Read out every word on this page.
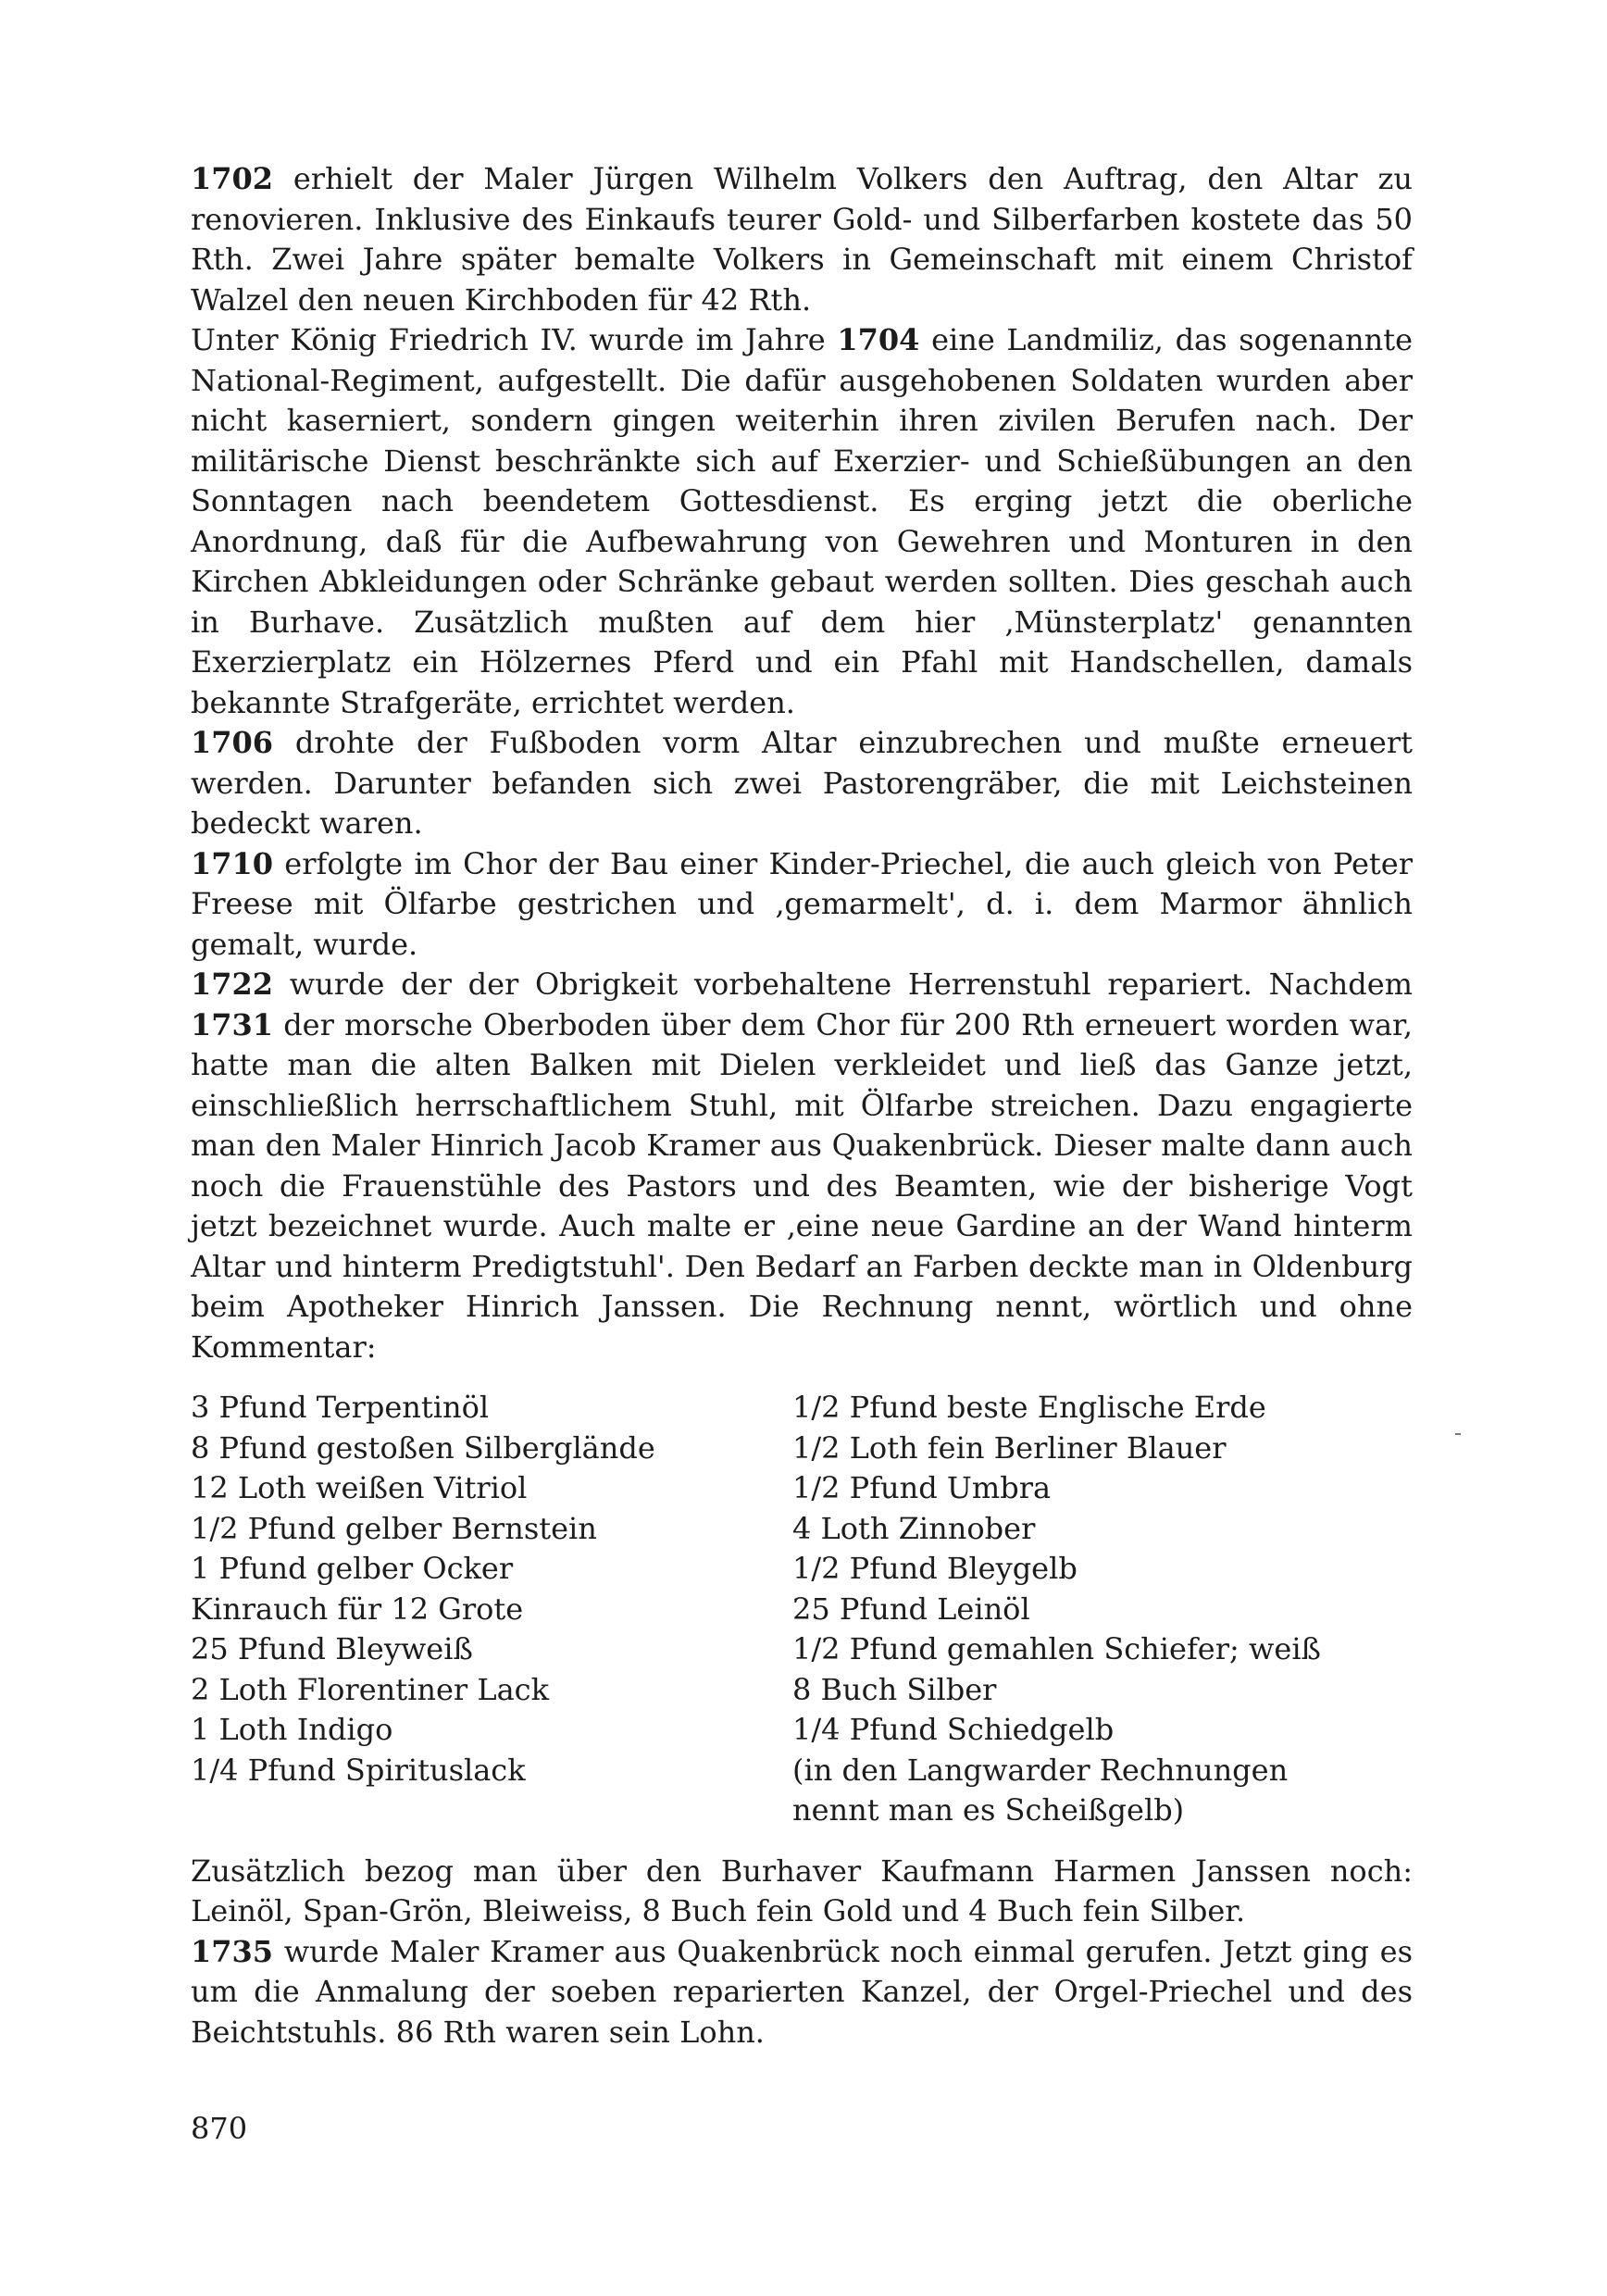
1702 erhielt der Maler Jürgen Wilhelm Volkers den Auftrag, den Altar zu renovieren. Inklusive des Einkaufs teurer Gold- und Silberfarben kostete das 50 Rth. Zwei Jahre später bemalte Volkers in Gemeinschaft mit einem Christof Walzel den neuen Kirchboden für 42 Rth.

Unter König Friedrich IV. wurde im Jahre 1704 eine Landmiliz, das sogenannte National-Regiment, aufgestellt. Die dafür ausgehobenen Soldaten wurden aber nicht kaserniert, sondern gingen weiterhin ihren zivilen Berufen nach. Der militärische Dienst beschränkte sich auf Exerzier- und Schießübungen an den Sonntagen nach beendetem Gottesdienst. Es erging jetzt die oberliche Anordnung, daß für die Aufbewahrung von Gewehren und Monturen in den Kirchen Abkleidungen oder Schränke gebaut werden sollten. Dies geschah auch in Burhave. Zusätzlich mußten auf dem hier ‚Münsterplatz' genannten Exerzierplatz ein Hölzernes Pferd und ein Pfahl mit Handschellen, damals bekannte Strafgeräte, errichtet werden.

1706 drohte der Fußboden vorm Altar einzubrechen und mußte erneuert werden. Darunter befanden sich zwei Pastorengräber, die mit Leichsteinen bedeckt waren.

1710 erfolgte im Chor der Bau einer Kinder-Priechel, die auch gleich von Peter Freese mit Ölfarbe gestrichen und ‚gemarmelt', d. i. dem Marmor ähnlich gemalt, wurde.

1722 wurde der der Obrigkeit vorbehaltene Herrenstuhl repariert. Nachdem 1731 der morsche Oberboden über dem Chor für 200 Rth erneuert worden war, hatte man die alten Balken mit Dielen verkleidet und ließ das Ganze jetzt, einschließlich herrschaftlichem Stuhl, mit Ölfarbe streichen. Dazu engagierte man den Maler Hinrich Jacob Kramer aus Quakenbrück. Dieser malte dann auch noch die Frauenstühle des Pastors und des Beamten, wie der bisherige Vogt jetzt bezeichnet wurde. Auch malte er ‚eine neue Gardine an der Wand hinterm Altar und hinterm Predigtstuhl'. Den Bedarf an Farben deckte man in Oldenburg beim Apotheker Hinrich Janssen. Die Rechnung nennt, wörtlich und ohne Kommentar:

3 Pfund Terpentinöl
8 Pfund gestoßen Silberglände
12 Loth weißen Vitriol
1/2 Pfund gelber Bernstein
1 Pfund gelber Ocker
Kinrauch für 12 Grote
25 Pfund Bleyweiß
2 Loth Florentiner Lack
1 Loth Indigo
1/4 Pfund Spirituslack
1/2 Pfund beste Englische Erde
1/2 Loth fein Berliner Blauer
1/2 Pfund Umbra
4 Loth Zinnober
1/2 Pfund Bleygelb
25 Pfund Leinöl
1/2 Pfund gemahlen Schiefer; weiß
8 Buch Silber
1/4 Pfund Schiedgelb
(in den Langwarder Rechnungen
nennt man es Scheißgelb)

Zusätzlich bezog man über den Burhaver Kaufmann Harmen Janssen noch: Leinöl, Span-Grön, Bleiweiss, 8 Buch fein Gold und 4 Buch fein Silber.

1735 wurde Maler Kramer aus Quakenbrück noch einmal gerufen. Jetzt ging es um die Anmalung der soeben reparierten Kanzel, der Orgel-Priechel und des Beichtstuhls. 86 Rth waren sein Lohn.

870
